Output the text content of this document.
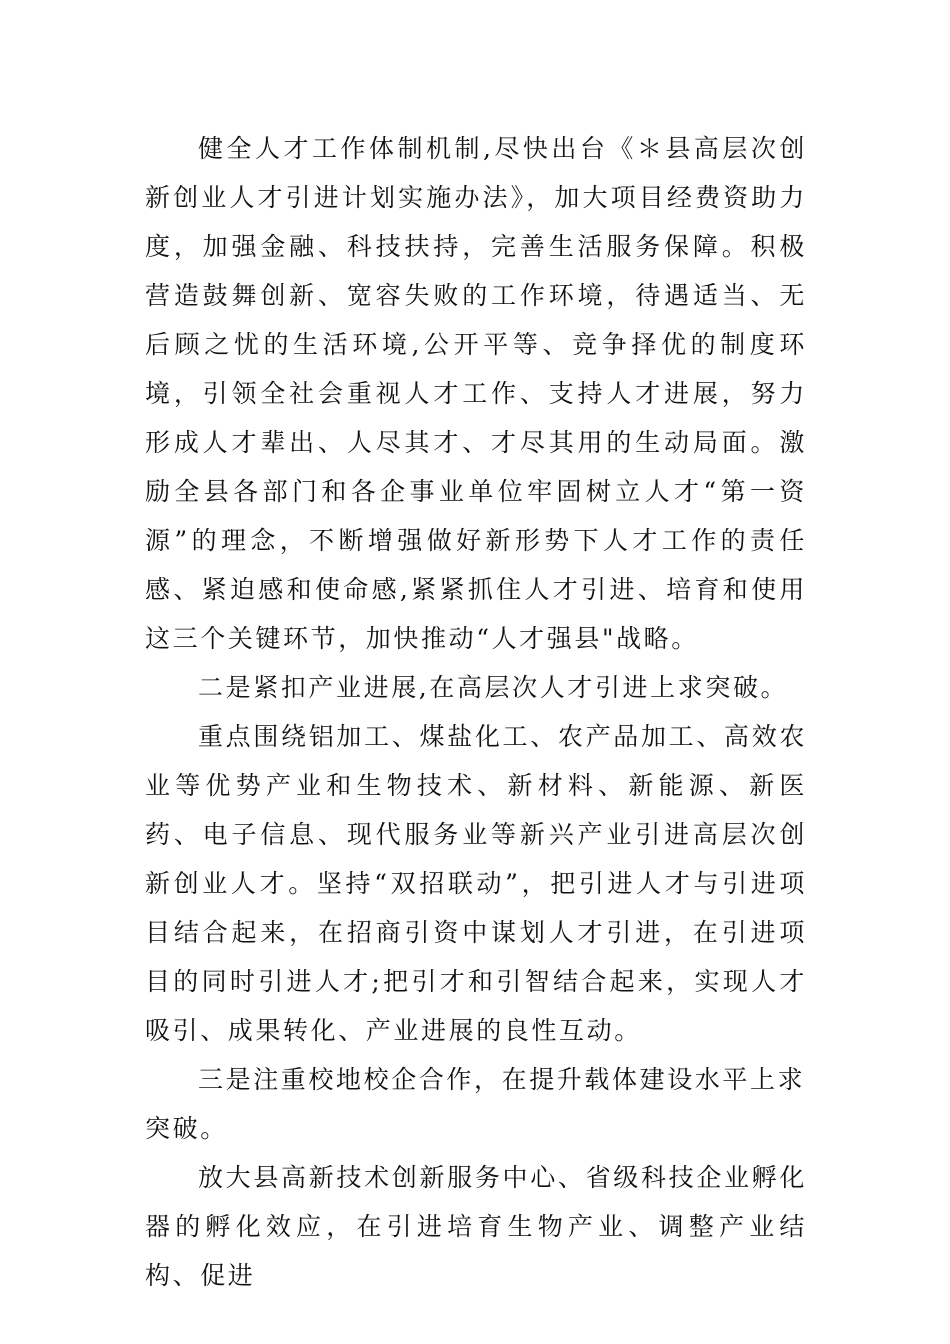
健全人才工作体制机制,尽快出台《＊县高层次创新创业人才引进计划实施办法》，加大项目经费资助力度，加强金融、科技扶持，完善生活服务保障。积极营造鼓舞创新、宽容失败的工作环境，待遇适当、无后顾之忧的生活环境,公开平等、竞争择优的制度环境，引领全社会重视人才工作、支持人才进展，努力形成人才辈出、人尽其才、才尽其用的生动局面。激励全县各部门和各企事业单位牢固树立人才“第一资源”的理念，不断增强做好新形势下人才工作的责任感、紧迫感和使命感,紧紧抓住人才引进、培育和使用这三个关键环节，加快推动“人才强县"战略。

二是紧扣产业进展,在高层次人才引进上求突破。

重点围绕铝加工、煤盐化工、农产品加工、高效农业等优势产业和生物技术、新材料、新能源、新医药、电子信息、现代服务业等新兴产业引进高层次创新创业人才。坚持“双招联动”，把引进人才与引进项目结合起来，在招商引资中谋划人才引进，在引进项目的同时引进人才;把引才和引智结合起来，实现人才吸引、成果转化、产业进展的良性互动。

三是注重校地校企合作，在提升载体建设水平上求突破。

放大县高新技术创新服务中心、省级科技企业孵化器的孵化效应，在引进培育生物产业、调整产业结构、促进
